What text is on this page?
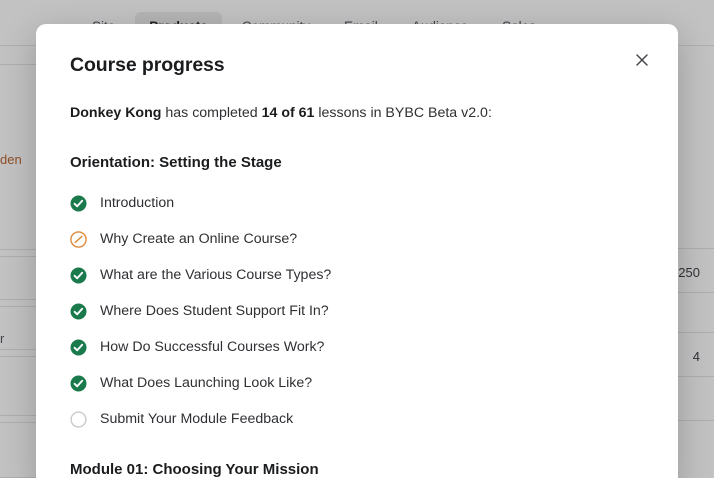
den
r
250
4
Course progress

Donkey Kong has completed 14 of 61 lessons in BYBC Beta v2.0:

Orientation: Setting the Stage
Introduction
Why Create an Online Course?
What are the Various Course Types?
Where Does Student Support Fit In?
How Do Successful Courses Work?
What Does Launching Look Like?
Submit Your Module Feedback
Module 01: Choosing Your Mission
